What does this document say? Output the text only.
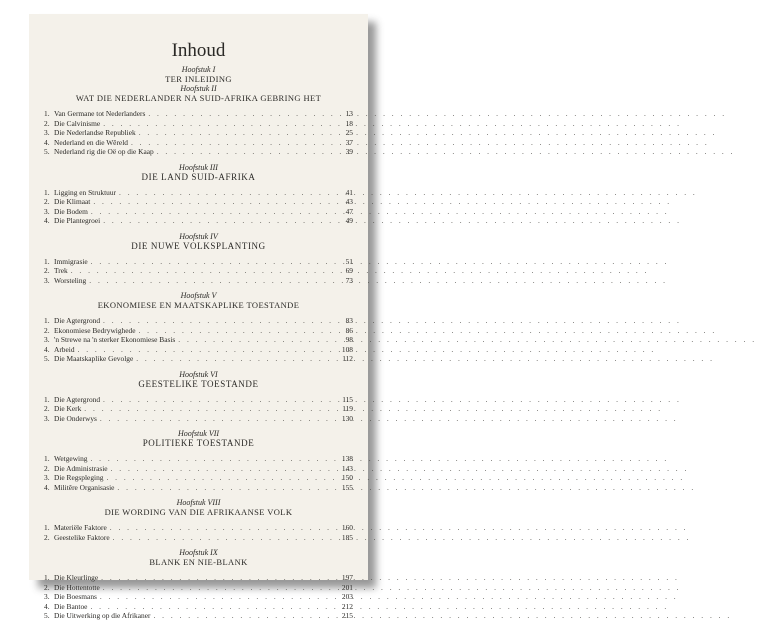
Inhoud
Hoofstuk I
TER INLEIDING
Hoofstuk II
WAT DIE NEDERLANDER NA SUID-AFRIKA GEBRING HET
1. Van Germane tot Nederlanders . . .	13
2. Die Calvinisme . . .	18
3. Die Nederlandse Republiek . . .	25
4. Nederland en die Wêreld . . .	37
5. Nederland rig die Oë op die Kaap . . .	39
Hoofstuk III
DIE LAND SUID-AFRIKA
1. Ligging en Struktuur . . .	41
2. Die Klimaat . . .	43
3. Die Bodem . . .	47
4. Die Plantegroei . . .	49
Hoofstuk IV
DIE NUWE VOLKSPLANTING
1. Immigrasie . . .	51
2. Trek . . .	69
3. Worsteling . . .	73
Hoofstuk V
EKONOMIESE EN MAATSKAPLIKE TOESTANDE
1. Die Agtergrond . . .	83
2. Ekonomiese Bedrywighede . . .	86
3. 'n Strewe na 'n sterker Ekonomiese Basis . . .	98
4. Arbeid . . .	108
5. Die Maatskaplike Gevolge . . .	112
Hoofstuk VI
GEESTELIKE TOESTANDE
1. Die Agtergrond . . .	115
2. Die Kerk . . .	119
3. Die Onderwys . . .	130
Hoofstuk VII
POLITIEKE TOESTANDE
1. Wetgewing . . .	138
2. Die Administrasie . . .	143
3. Die Regspleging . . .	150
4. Militêre Organisasie . . .	155
Hoofstuk VIII
DIE WORDING VAN DIE AFRIKAANSE VOLK
1. Materiële Faktore . . .	160
2. Geestelike Faktore . . .	185
Hoofstuk IX
BLANK EN NIE-BLANK
1. Die Kleurlinge . . .	197
2. Die Hottentotte . . .	201
3. Die Boesmans . . .	203
4. Die Bantoe . . .	212
5. Die Uitwerking op die Afrikaner . . .	215
